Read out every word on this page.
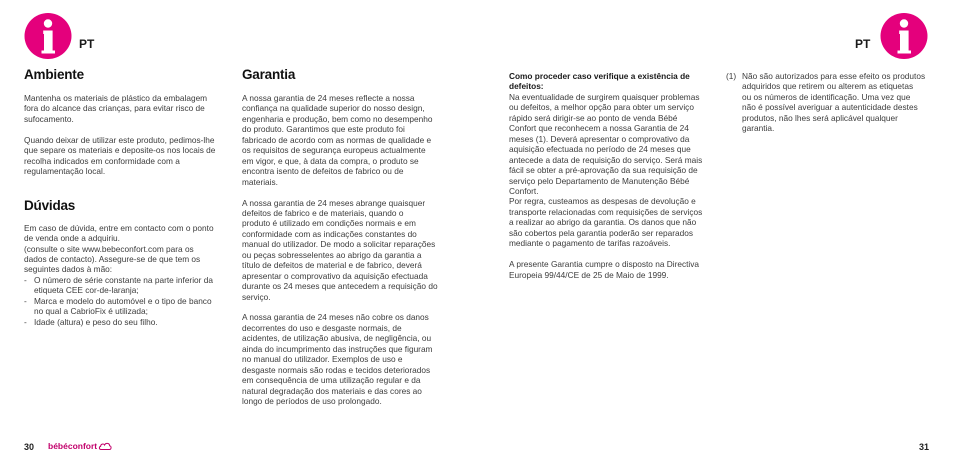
PT	PT
Ambiente

Mantenha os materiais de plástico da embalagem

fora do alcance das crianças, para evitar risco de

sufocamento.

Quando deixar de utilizar este produto, pedimos-lhe

que separe os materiais e deposite-os nos locais de

recolha indicados em conformidade com a

regulamentação local.

Dúvidas

Em caso de dúvida, entre em contacto com o ponto

de venda onde a adquiriu.

(consulte o site www.bebeconfort.com para os

dados de contacto). Assegure-se de que tem os

seguintes dados à mão:

- O número de série constante na parte inferior da

etiqueta CEE cor-de-laranja;

- Marca e modelo do automóvel e o tipo de banco

no qual a CabrioFix é utilizada;

- Idade (altura) e peso do seu filho.

Garantia

A nossa garantia de 24 meses reflecte a nossa

confiança na qualidade superior do nosso design,

engenharia e produção, bem como no desempenho

do produto. Garantimos que este produto foi

fabricado de acordo com as normas de qualidade e

os requisitos de segurança europeus actualmente

em vigor, e que, à data da compra, o produto se

encontra isento de defeitos de fabrico ou de

materiais.

A nossa garantia de 24 meses abrange quaisquer

defeitos de fabrico e de materiais, quando o

produto é utilizado em condições normais e em

conformidade com as indicações constantes do

manual do utilizador. De modo a solicitar reparações

ou peças sobresselentes ao abrigo da garantia a

título de defeitos de material e de fabrico, deverá

apresentar o comprovativo da aquisição efectuada

durante os 24 meses que antecedem a requisição do

serviço.

A nossa garantia de 24 meses não cobre os danos

decorrentes do uso e desgaste normais, de

acidentes, de utilização abusiva, de negligência, ou

ainda do incumprimento das instruções que figuram

no manual do utilizador. Exemplos de uso e

desgaste normais são rodas e tecidos deteriorados

em consequência de uma utilização regular e da

natural degradação dos materiais e das cores ao

longo de períodos de uso prolongado.

Como proceder caso verifique a existência de

defeitos:

Na eventualidade de surgirem quaisquer problemas

ou defeitos, a melhor opção para obter um serviço

rápido será dirigir-se ao ponto de venda Bébé

Confort que reconhecem a nossa Garantia de 24

meses (1). Deverá apresentar o comprovativo da

aquisição efectuada no período de 24 meses que

antecede a data de requisição do serviço. Será mais

fácil se obter a pré-aprovação da sua requisição de

serviço pelo Departamento de Manutenção Bébé

Confort.

Por regra, custeamos as despesas de devolução e

transporte relacionadas com requisições de serviços

a realizar ao abrigo da garantia. Os danos que não

são cobertos pela garantia poderão ser reparados

mediante o pagamento de tarifas razoáveis.

A presente Garantia cumpre o disposto na Directiva

Europeia 99/44/CE de 25 de Maio de 1999.

(1) Não são autorizados para esse efeito os produtos

adquiridos que retirem ou alterem as etiquetas

ou os números de identificação. Uma vez que

não é possível averiguar a autenticidade destes

produtos, não lhes será aplicável qualquer

garantia.

30 bébé confort	31
